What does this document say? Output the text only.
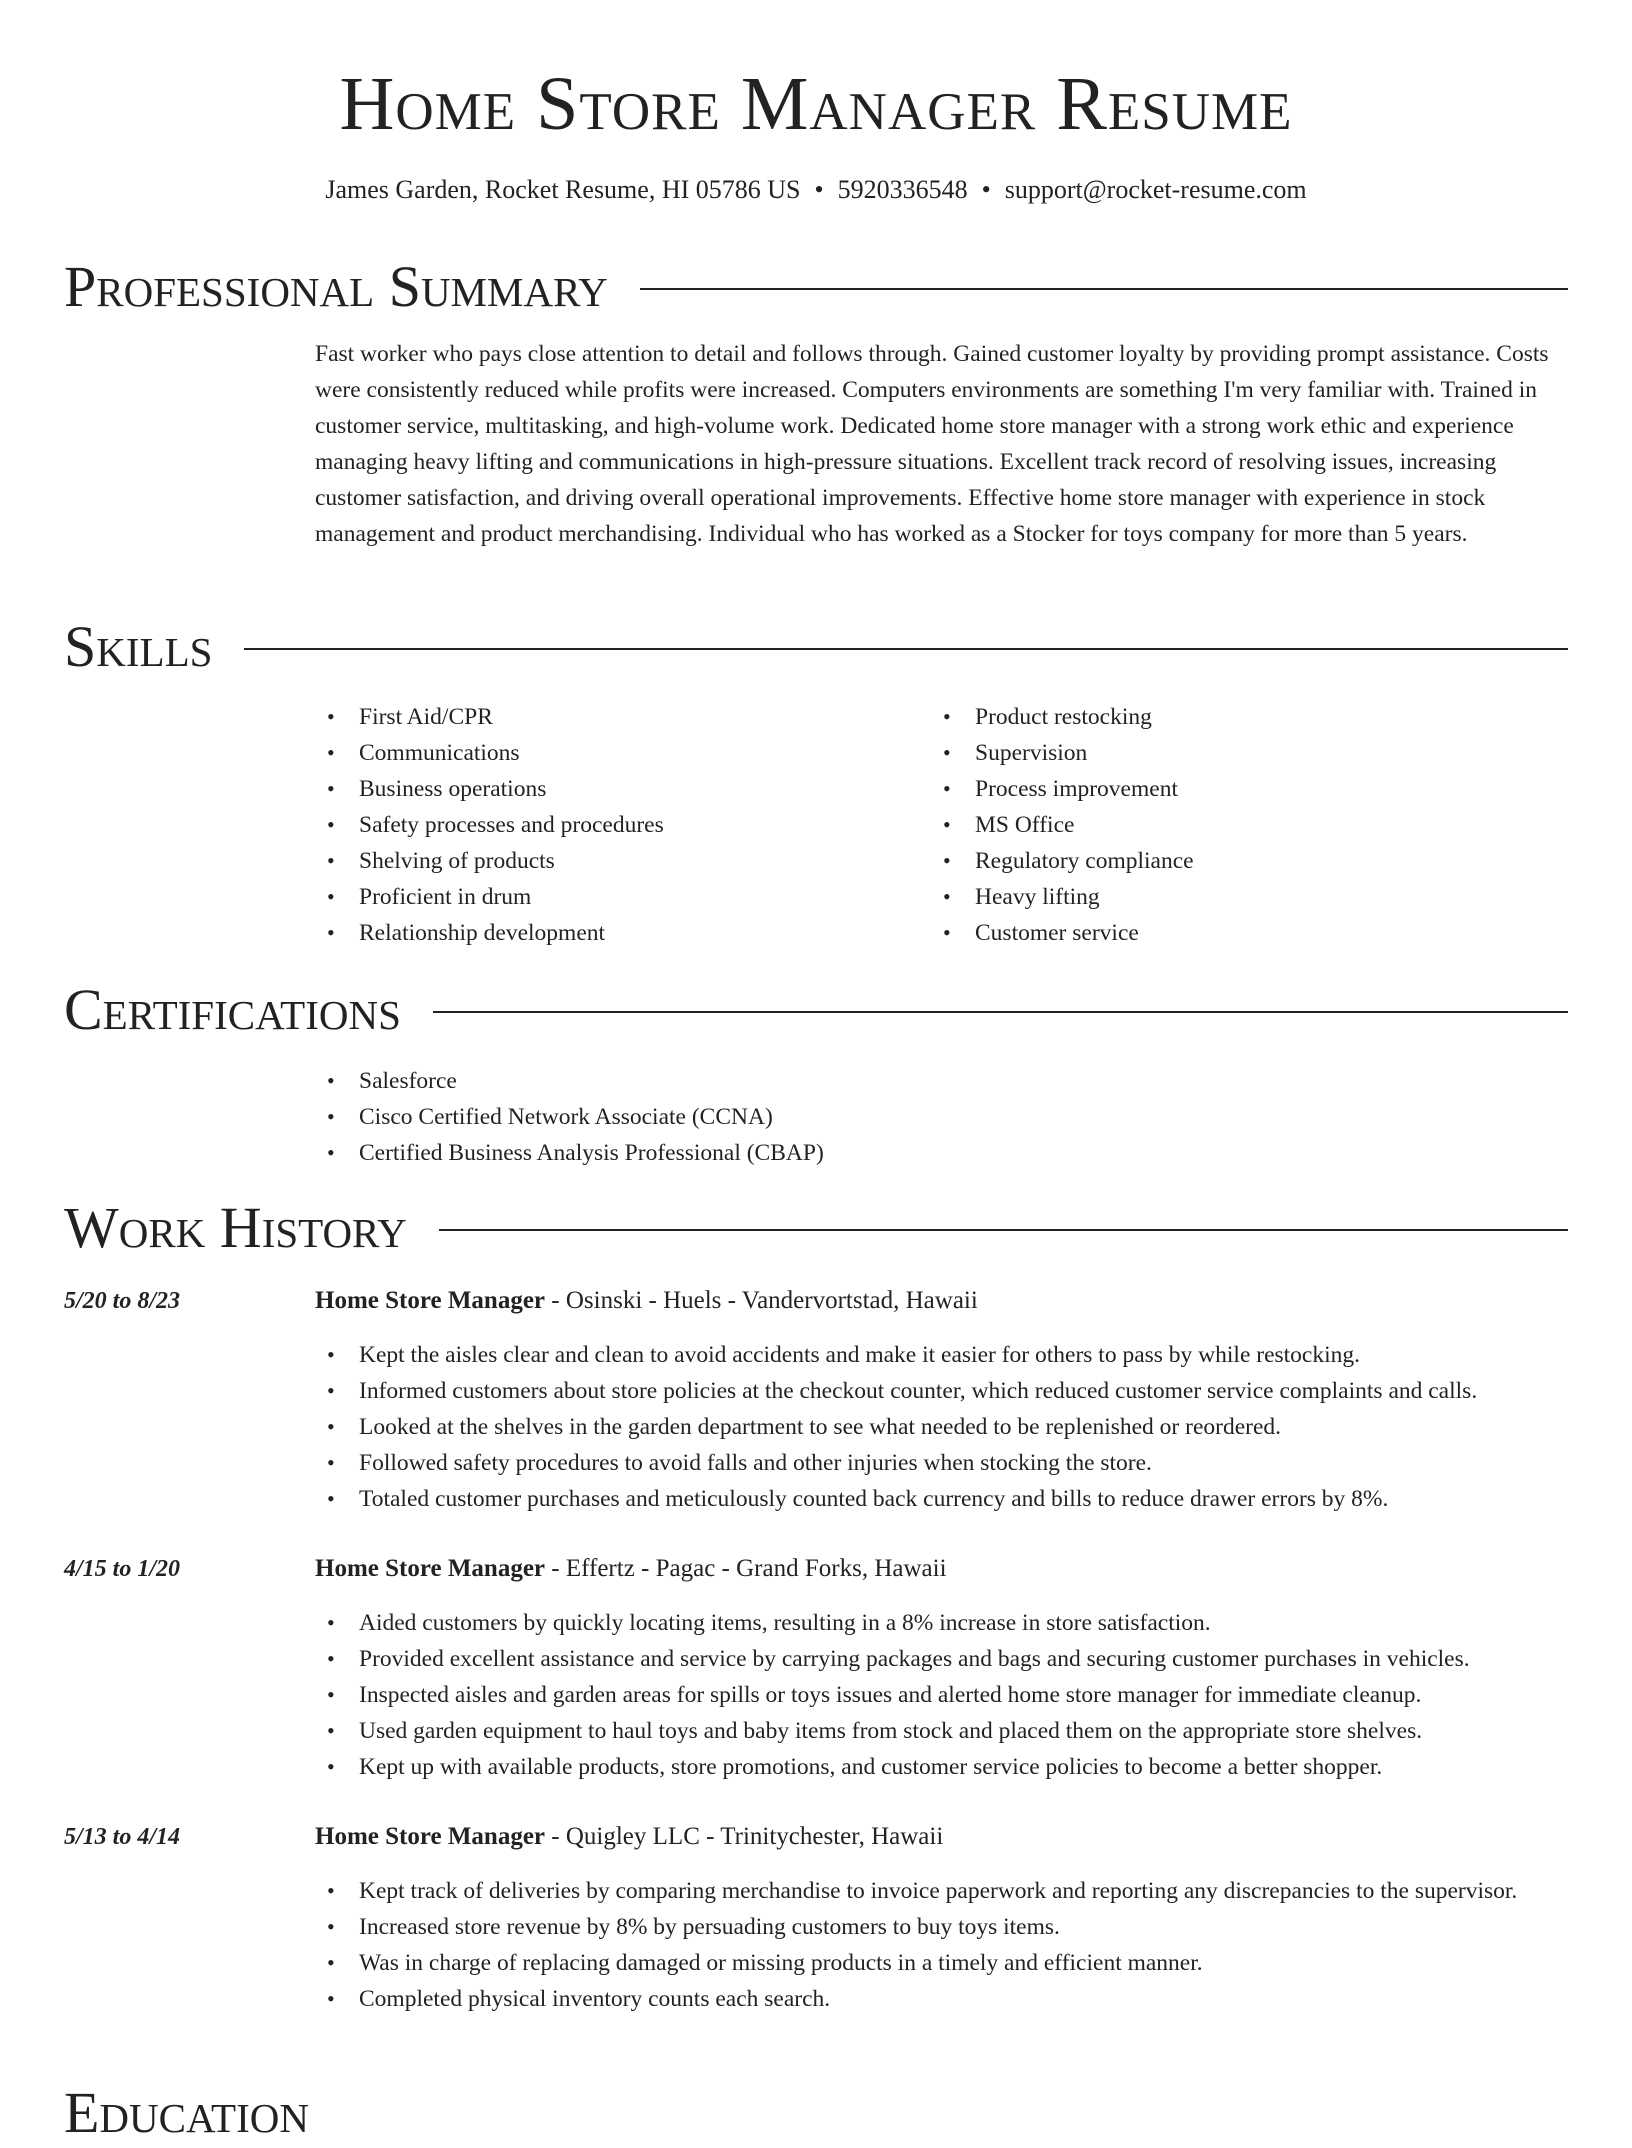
Home Store Manager Resume
James Garden, Rocket Resume, HI 05786 US • 5920336548 • support@rocket-resume.com
Professional Summary

Fast worker who pays close attention to detail and follows through. Gained customer loyalty by providing prompt assistance. Costs were consistently reduced while profits were increased. Computers environments are something I'm very familiar with. Trained in customer service, multitasking, and high-volume work. Dedicated home store manager with a strong work ethic and experience managing heavy lifting and communications in high-pressure situations. Excellent track record of resolving issues, increasing customer satisfaction, and driving overall operational improvements. Effective home store manager with experience in stock management and product merchandising. Individual who has worked as a Stocker for toys company for more than 5 years.

Skills
• First Aid/CPR
• Communications
• Business operations
• Safety processes and procedures
• Shelving of products
• Proficient in drum
• Relationship development
• Product restocking
• Supervision
• Process improvement
• MS Office
• Regulatory compliance
• Heavy lifting
• Customer service
Certifications
• Salesforce
• Cisco Certified Network Associate (CCNA)
• Certified Business Analysis Professional (CBAP)
Work History
5/20 to 8/23	Home Store Manager - Osinski - Huels - Vandervortstad, Hawaii
• Kept the aisles clear and clean to avoid accidents and make it easier for others to pass by while restocking.
• Informed customers about store policies at the checkout counter, which reduced customer service complaints and calls.
• Looked at the shelves in the garden department to see what needed to be replenished or reordered.
• Followed safety procedures to avoid falls and other injuries when stocking the store.
• Totaled customer purchases and meticulously counted back currency and bills to reduce drawer errors by 8%.
4/15 to 1/20	Home Store Manager - Effertz - Pagac - Grand Forks, Hawaii
• Aided customers by quickly locating items, resulting in a 8% increase in store satisfaction.
• Provided excellent assistance and service by carrying packages and bags and securing customer purchases in vehicles.
• Inspected aisles and garden areas for spills or toys issues and alerted home store manager for immediate cleanup.
• Used garden equipment to haul toys and baby items from stock and placed them on the appropriate store shelves.
• Kept up with available products, store promotions, and customer service policies to become a better shopper.
5/13 to 4/14	Home Store Manager - Quigley LLC - Trinitychester, Hawaii
• Kept track of deliveries by comparing merchandise to invoice paperwork and reporting any discrepancies to the supervisor.
• Increased store revenue by 8% by persuading customers to buy toys items.
• Was in charge of replacing damaged or missing products in a timely and efficient manner.
• Completed physical inventory counts each search.
Education
